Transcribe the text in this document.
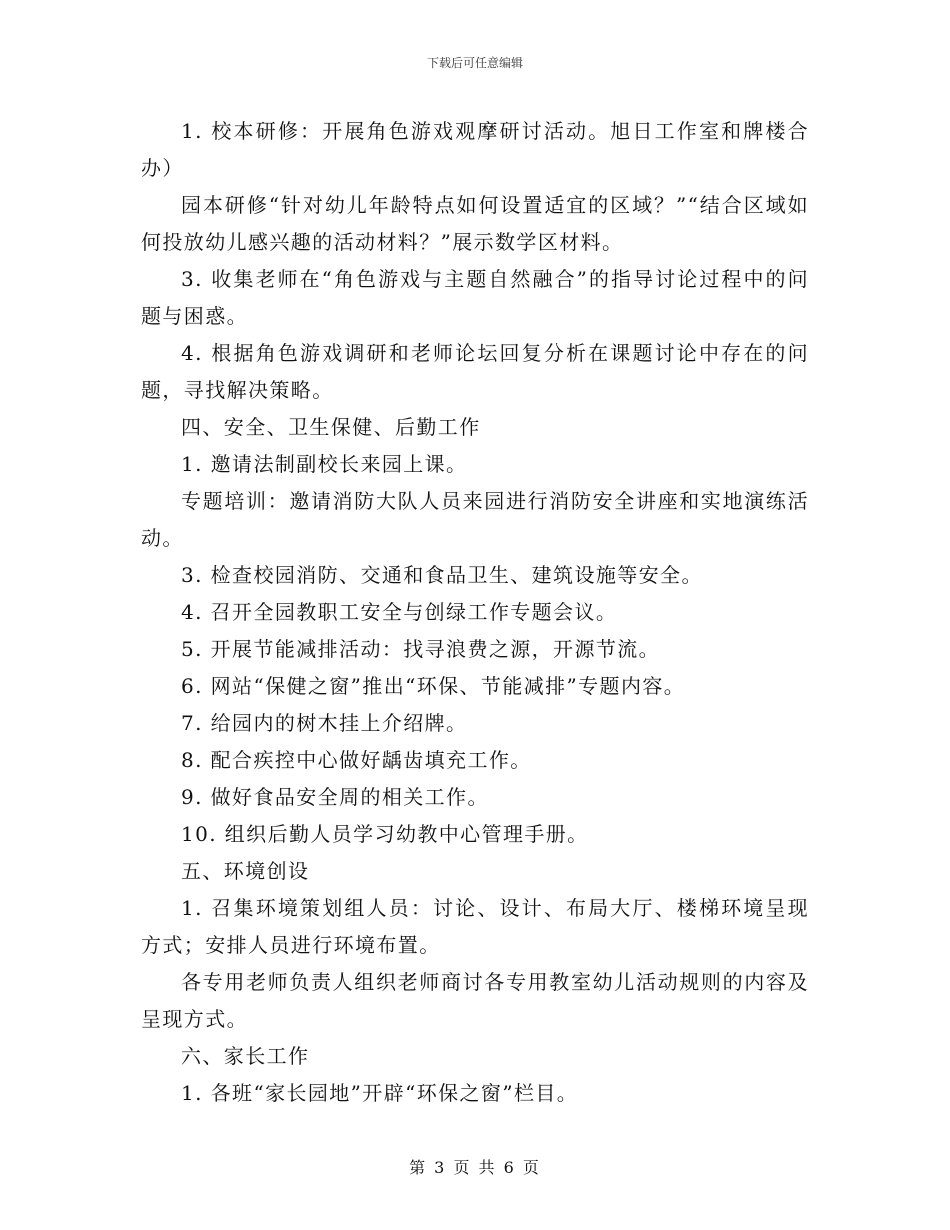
下载后可任意编辑

1. 校本研修：开展角色游戏观摩研讨活动。旭日工作室和牌楼合办）

园本研修“针对幼儿年龄特点如何设置适宜的区域？”“结合区域如何投放幼儿感兴趣的活动材料？”展示数学区材料。

3. 收集老师在“角色游戏与主题自然融合”的指导讨论过程中的问题与困惑。

4. 根据角色游戏调研和老师论坛回复分析在课题讨论中存在的问题，寻找解决策略。

四、安全、卫生保健、后勤工作

1. 邀请法制副校长来园上课。

专题培训：邀请消防大队人员来园进行消防安全讲座和实地演练活动。

3. 检查校园消防、交通和食品卫生、建筑设施等安全。

4. 召开全园教职工安全与创绿工作专题会议。

5. 开展节能减排活动：找寻浪费之源，开源节流。

6. 网站“保健之窗”推出“环保、节能减排”专题内容。

7. 给园内的树木挂上介绍牌。

8. 配合疾控中心做好龋齿填充工作。

9. 做好食品安全周的相关工作。

10. 组织后勤人员学习幼教中心管理手册。

五、环境创设

1. 召集环境策划组人员：讨论、设计、布局大厅、楼梯环境呈现方式；安排人员进行环境布置。

各专用老师负责人组织老师商讨各专用教室幼儿活动规则的内容及呈现方式。

六、家长工作

1. 各班“家长园地”开辟“环保之窗”栏目。

第 3 页 共 6 页
